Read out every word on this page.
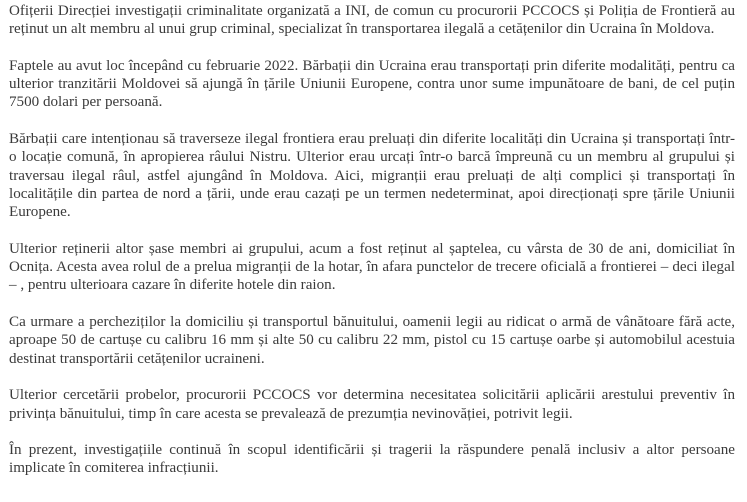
Ofițerii Direcției investigații criminalitate organizată a INI, de comun cu procurorii PCCOCS și Poliția de Frontieră au reținut un alt membru al unui grup criminal, specializat în transportarea ilegală a cetățenilor din Ucraina în Moldova.

Faptele au avut loc începând cu februarie 2022. Bărbații din Ucraina erau transportați prin diferite modalități, pentru ca ulterior tranzitării Moldovei să ajungă în țările Uniunii Europene, contra unor sume impunătoare de bani, de cel puțin 7500 dolari per persoană.

Bărbații care intenționau să traverseze ilegal frontiera erau preluați din diferite localități din Ucraina și transportați într-o locație comună, în apropierea râului Nistru. Ulterior erau urcați într-o barcă împreună cu un membru al grupului și traversau ilegal râul, astfel ajungând în Moldova. Aici, migranții erau preluați de alți complici și transportați în localitățile din partea de nord a țării, unde erau cazați pe un termen nedeterminat, apoi direcționați spre țările Uniunii Europene.

Ulterior reținerii altor șase membri ai grupului, acum a fost reținut al șaptelea, cu vârsta de 30 de ani, domiciliat în Ocnița. Acesta avea rolul de a prelua migranții de la hotar, în afara punctelor de trecere oficială a frontierei – deci ilegal – , pentru ulterioara cazare în diferite hotele din raion.

Ca urmare a percheziților la domiciliu și transportul bănuitului, oamenii legii au ridicat o armă de vânătoare fără acte, aproape 50 de cartușe cu calibru 16 mm și alte 50 cu calibru 22 mm, pistol cu 15 cartușe oarbe și automobilul acestuia destinat transportării cetățenilor ucraineni.

Ulterior cercetării probelor, procurorii PCCOCS vor determina necesitatea solicitării aplicării arestului preventiv în privința bănuitului, timp în care acesta se prevalează de prezumția nevinovăției, potrivit legii.

În prezent, investigațiile continuă în scopul identificării și tragerii la răspundere penală inclusiv a altor persoane implicate în comiterea infracțiunii.
